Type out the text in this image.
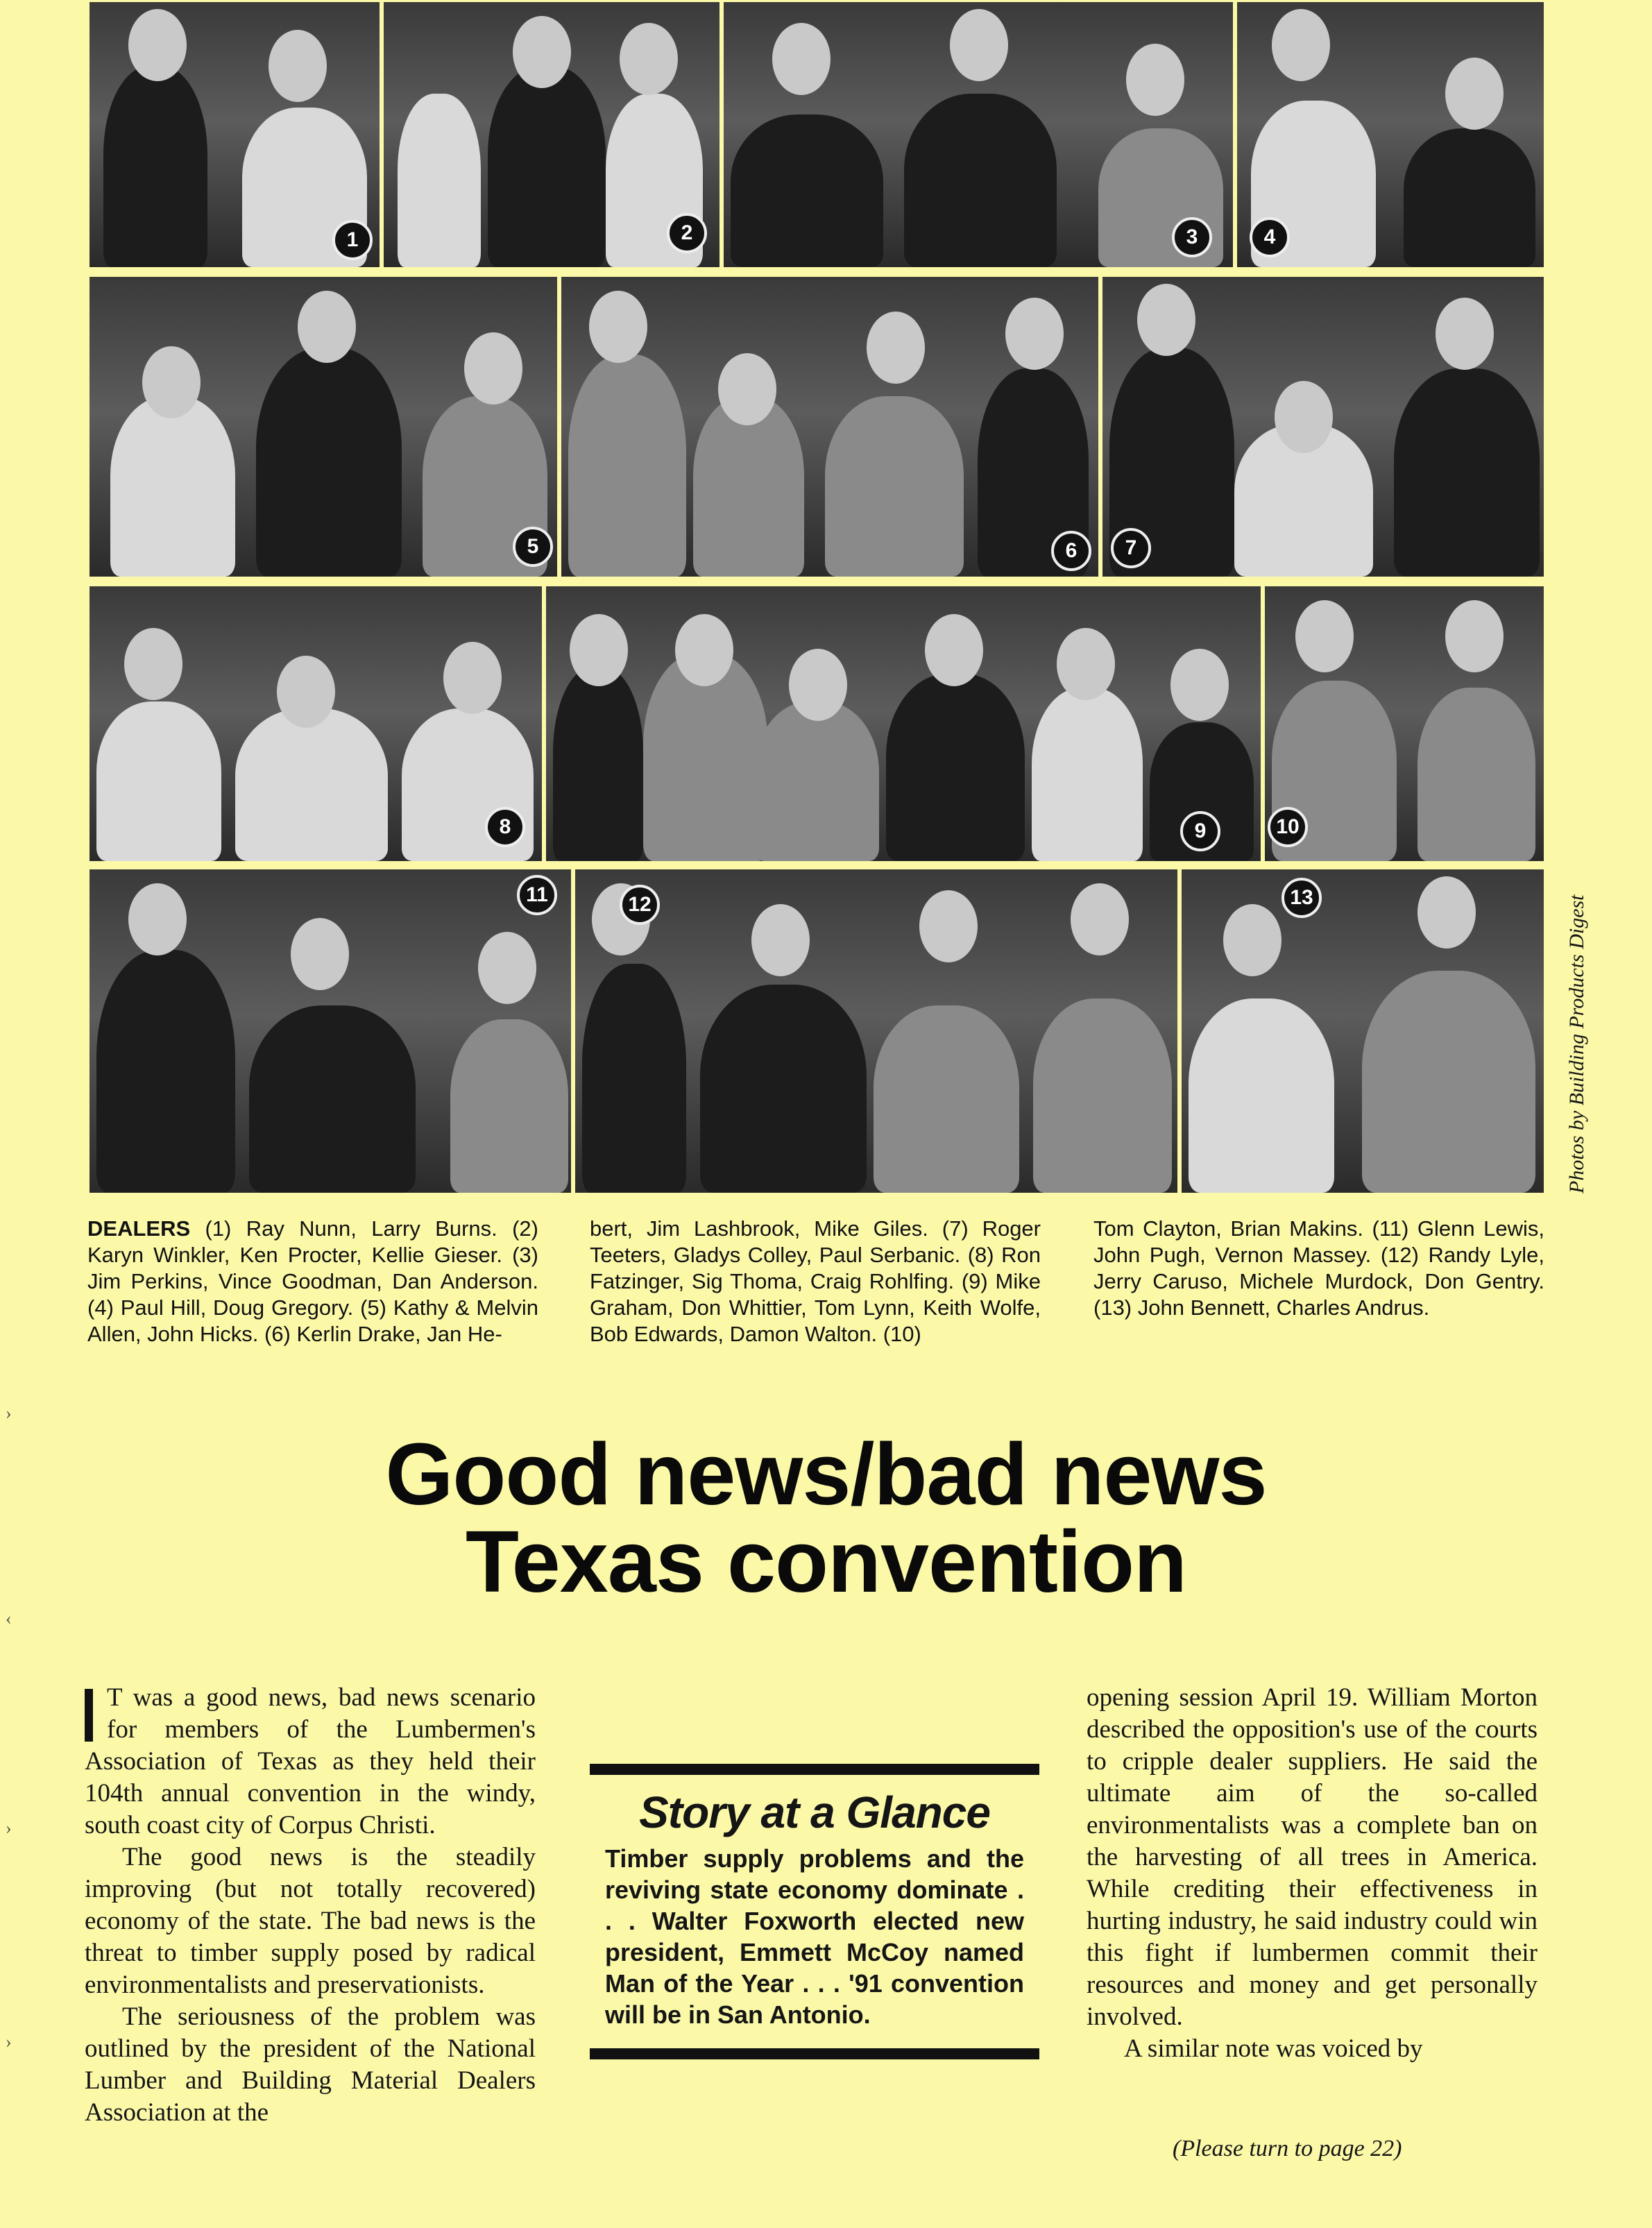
1	2	3	4
5	6	7
8	9	10
11	12	13	Photos by Building Products Digest
DEALERS (1) Ray Nunn, Larry Burns. (2) Karyn Winkler, Ken Procter, Kellie Gieser. (3) Jim Perkins, Vince Goodman, Dan Anderson. (4) Paul Hill, Doug Gregory. (5) Kathy & Melvin Allen, John Hicks. (6) Kerlin Drake, Jan He-
bert, Jim Lashbrook, Mike Giles. (7) Roger Teeters, Gladys Colley, Paul Serbanic. (8) Ron Fatzinger, Sig Thoma, Craig Rohlfing. (9) Mike Graham, Don Whittier, Tom Lynn, Keith Wolfe, Bob Edwards, Damon Walton. (10)
Tom Clayton, Brian Makins. (11) Glenn Lewis, John Pugh, Vernon Massey. (12) Randy Lyle, Jerry Caruso, Michele Murdock, Don Gentry. (13) John Bennett, Charles Andrus.
Good news/bad news
Texas convention

T was a good news, bad news scenario for members of the Lumbermen's Association of Texas as they held their 104th annual convention in the windy, south coast city of Corpus Christi.

The good news is the steadily improving (but not totally recovered) economy of the state. The bad news is the threat to timber supply posed by radical environmentalists and preservationists.

The seriousness of the problem was outlined by the president of the National Lumber and Building Material Dealers Association at the

Story at a Glance
Timber supply problems and the reviving state economy dominate . . . Walter Foxworth elected new president, Emmett McCoy named Man of the Year . . . '91 convention will be in San Antonio.

opening session April 19. William Morton described the opposition's use of the courts to cripple dealer suppliers. He said the ultimate aim of the so-called environmentalists was a complete ban on the harvesting of all trees in America. While crediting their effectiveness in hurting industry, he said industry could win this fight if lumbermen commit their resources and money and get personally involved.

A similar note was voiced by

(Please turn to page 22)
›
‹
›
›
